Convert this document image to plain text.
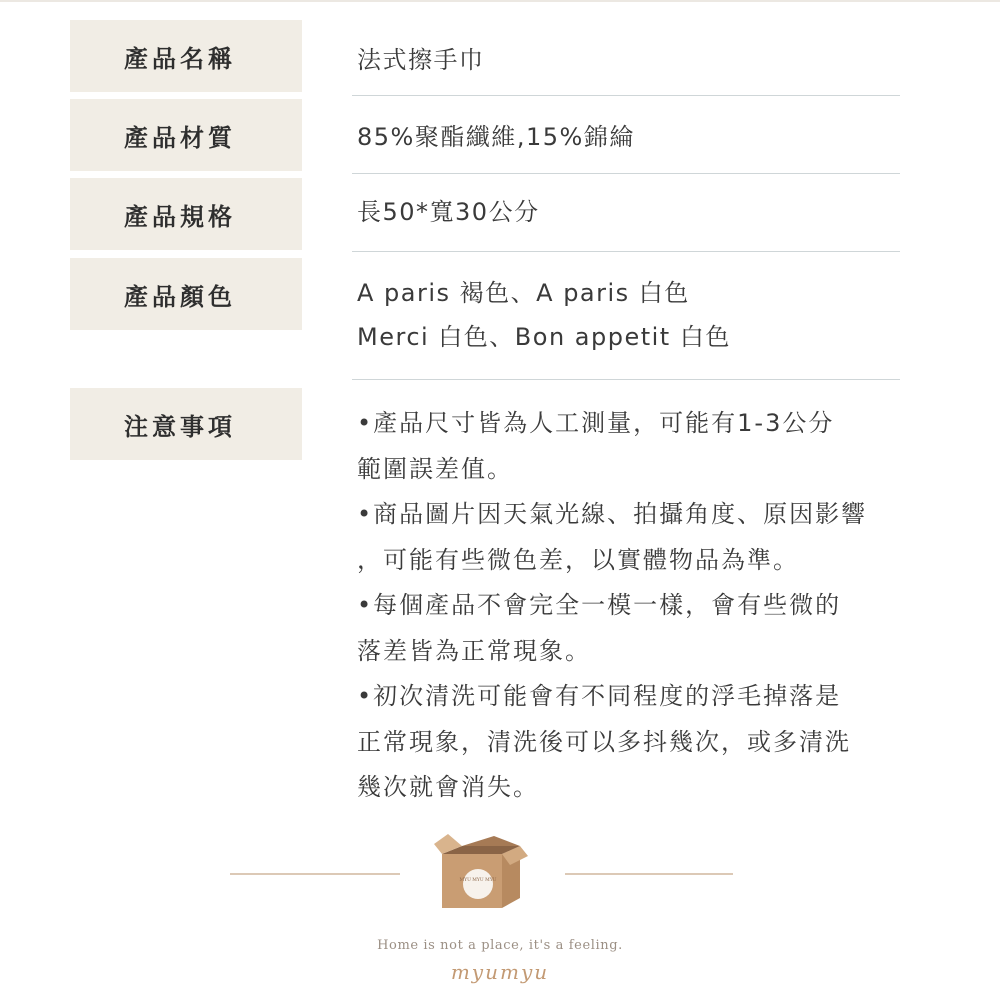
產品名稱	法式擦手巾
產品材質	85%聚酯纖維,15%錦綸
產品規格	長50*寬30公分
產品顏色	A paris 褐色、A paris 白色
Merci 白色、Bon appetit 白色
注意事項	•產品尺寸皆為人工測量，可能有1-3公分
範圍誤差值。
•商品圖片因天氣光線、拍攝角度、原因影響
，可能有些微色差，以實體物品為準。
•每個產品不會完全一模一樣，會有些微的
落差皆為正常現象。
•初次清洗可能會有不同程度的浮毛掉落是
正常現象，清洗後可以多抖幾次，或多清洗
幾次就會消失。
MYU MYU MYU
Home is not a place, it's a feeling.
myumyu
